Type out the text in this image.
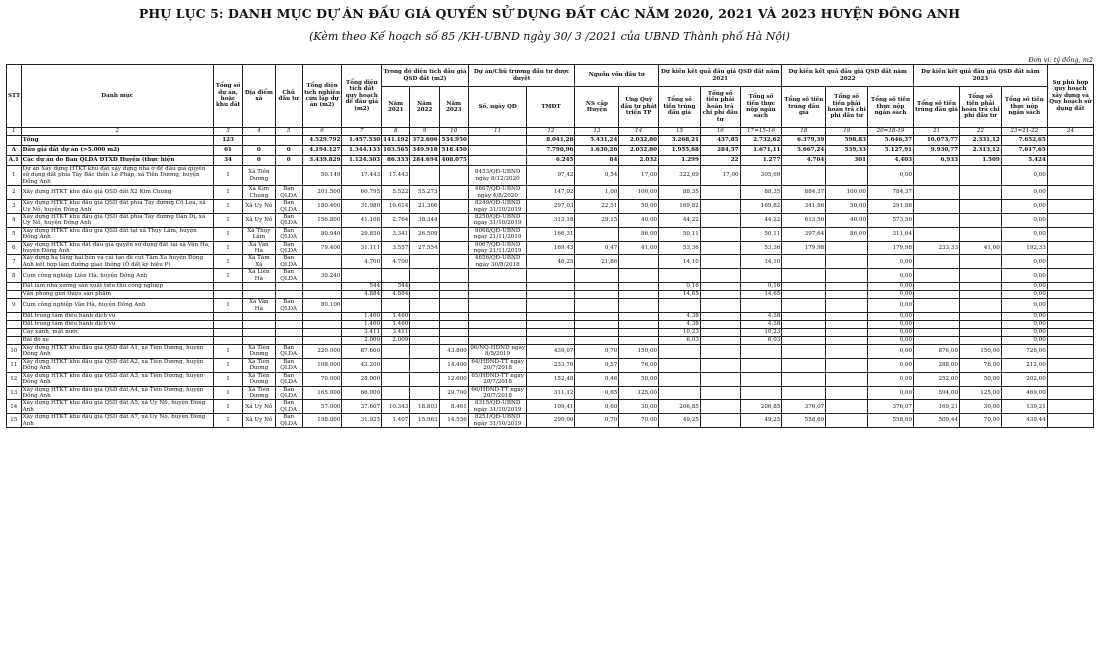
PHỤ LỤC 5: DANH MỤC DỰ ÁN ĐẤU GIÁ QUYỀN SỬ DỤNG ĐẤT CÁC NĂM 2020, 2021 VÀ 2023 HUYỆN ĐÔNG ANH
(Kèm theo Kế hoạch số 85 /KH-UBND ngày 30/ 3 /2021 của UBND Thành phố Hà Nội)
Đơn vị: tỷ đồng, m2
STT	Danh mục	Tổng số dự án, hoặc khu đất	Địa điểm xã	Chủ đầu tư	Tổng diện tích nghiên cứu lập dự án (m2)	Tổng diện tích đất quy hoạch để đấu giá (m2)	Trong đó diện tích đấu giá QSD đất (m2)			Dự án/Chủ trương đầu tư được duyệt		Nguồn vốn đầu tư		Dự kiến kết quả đấu giá QSD đất năm 2021			Dự kiến kết quả đấu giá QSD đất năm 2022			Dự kiến kết quả đấu giá QSD đất năm 2023			Sự phù hợp quy hoạch xây dựng và Quy hoạch sử dụng đất
							Năm 2021	Năm 2022	Năm 2023	Số, ngày QĐ	TMĐT	NS cấp Huyện	Ứng Quỹ đầu tư phát triển TP	Tổng số tiền trúng đấu giá	Tổng số tiền phải hoàn trả chi phí đầu tư	Tổng số tiền thực nộp ngân sách	Tổng số tiền trúng đấu giá	Tổng số tiền phải hoàn trả chi phí đầu tư	Tổng số tiền thực nộp ngân sách	Tổng số tiền trúng đấu giá	Tổng số tiền phải hoàn trả chi phí đầu tư	Tổng số tiền thực nộp ngân sách	
1	2	3	4	5	6	7	8	9	10	11	12	13	14	15	16	17=15-16	18	19	20=18-19	21	22	23=21-22	24
	Tổng	123			4.529.792	1.457.530	141.192	372.606	534.950		8.041,28	5.431,24	2.032,80	3.268,21	437,85	2.732,62	6.379,39	598,83	5.646,37	10.073,77	2.331,12	7.652,65	
A	Đấu giá đất dự án (>5.000 m2)	61	0	0	4.194.127	1.344.133	103.565	349.918	518.450		7.790,96	1.630,26	2.032,80	1.955,68	284,57	1.671,11	5.667,24	539,33	5.127,91	9.930,77	2.313,12	7.617,65	
A.1	Các dự án do Ban QLDA ĐTXD Huyện (thực hiện	34	0	0	3.439.829	1.124.303	86.333	284.694	408.075		6.245	84	2.032	1.299	22	1.277	4.704	301	4.403	6.933	1.509	5.424	
1	Dự án Xây dựng HTKT khu đất xây dựng nhà ở để đấu giá quyền sử dụng đất phía Tây Bắc thôn Lễ Pháp, xã Tiên Dương, huyện Đông Anh	1	Xã Tiên Dương		50.149	17.443	17.443			8453/QĐ-UBND ngày 8/12/2020	97,42	0,54	17,00	322,69	17,00	305,69			0,00			0,00	
2	Xây dựng HTKT khu đấu giá QSD đất X2 Kim Chung	1	Xã Kim Chung	Ban QLDA	201.500	60.795	5.522	55.273		4667/QĐ-UBND ngày 4/8/2020	147,02	1,00	100,00	88,35		88,35	884,37	100,00	784,37			0,00	
3	Xây dựng HTKT khu đấu giá QSD đất phía Tây đường Cổ Loa, xã Uy Nỗ, huyện Đông Anh	1	Xã Uy Nỗ	Ban QLDA	180.400	31.980	10.614	21.366		8249/QĐ-UBND ngày 31/10/2019	297,03	22,51	50,00	169,82		169,82	341,86	50,00	291,86			0,00	
4	Xây dựng HTKT khu đấu giá QSD đất phía Tây đường Đản Dị, xã Uy Nỗ, huyện Đông Anh	1	Xã Uy Nỗ	Ban QLDA	156.800	41.108	2.764	38.344		8250/QĐ-UBND ngày 31/10/2019	313,18	29,15	40,00	44,22		44,22	613,50	40,00	573,50			0,00	
5	Xây dựng HTKT khu đấu giá QSD đất tại xã Thụy Lâm, huyện Đông Anh	1	Xã Thụy Lâm	Ban QLDA	80.940	29.850	3.341	26.509		9068/QĐ-UBND ngày 21/11/2019	166,31		86,00	50,11		50,11	397,64	86,00	311,64			0,00	
6	Xây dựng HTKT khu đất đấu giá quyền sử dụng đất tại xã Vân Hà, huyện Đông Anh	1	Xã Vân Hà	Ban QLDA	79.400	31.111	3.557	27.554		9067/QĐ-UBND ngày 21/11/2019	169,43	0,47	41,00	53,36		53,36	179,98		179,98	233,33	41,00	192,33	
7	Xây dựng hạ tầng hai bên và cải tạo đê cụt Tầm Xá huyện Đông Anh kết hợp làm đường giao thông (Ô đất ký hiệu P)	1	Xã Tầm Xá	Ban QLDA		4.700	4.700			4656/QĐ-UBND ngày 30/8/2018	46,25	21,86		14,10		14,10			0,00			0,00	
8	Cụm công nghiệp Liên Hà, huyện Đông Anh	1	Xã Liên Hà	Ban QLDA	30.240														0,00			0,00	
	Đất làm nhà xưởng sản xuất tiểu thủ công nghiệp					544	544							0,16		0,16			0,00			0,00	
	Văn phòng giới thiệu sản phẩm					4.884	4.884							14,65		14,65			0,00			0,00	
9	Cụm công nghiệp Vân Hà, huyện Đông Anh	1	Xã Vân Hà	Ban QLDA	80.100														0,00			0,00	
	Đất trung tâm điều hành dịch vụ					1.460	1.460							4,38		4,38			0,00			0,00	
	Đất trung tâm điều hành dịch vụ					1.460	1.460							4,38		4,38			0,00			0,00	
	Cây xanh, mặt nước					3.411	3.411							10,23		10,23			0,00			0,00	
	Bãi đỗ xe					2.009	2.009							6,03		6,03			0,00			0,00	
10	Xây dựng HTKT khu đấu giá QSD đất A1, xã Tiên Dương, huyện Đông Anh	1	Xã Tiên Dương	Ban QLDA	220.000	87.600			43.800	06/NQ-HĐND ngày 8/5/2019	439,07	0,70	150,00						0,00	876,00	150,00	726,00	
11	Xây dựng HTKT khu đấu giá QSD đất A2, xã Tiên Dương, huyện Đông Anh	1	Xã Tiên Dương	Ban QLDA	108.000	43.200			14.400	64/HĐND-TT ngày 20/7/2018	233,76	0,57	76,00						0,00	288,00	76,00	212,00	
12	Xây dựng HTKT khu đấu giá QSD đất A3, xã Tiên Dương, huyện Đông Anh	1	Xã Tiên Dương	Ban QLDA	70.000	28.000			12.600	65/HĐND-TT ngày 20/7/2018	152,48	0,46	50,00						0,00	252,00	50,00	202,00	
13	Xây dựng HTKT khu đấu giá QSD đất A4, xã Tiên Dương, huyện Đông Anh	1	Xã Tiên Dương	Ban QLDA	165.000	66.000			29.700	66/HĐND-TT ngày 20/7/2018	311,12	0,65	125,00						0,00	594,00	125,00	469,00	
14	Xây dựng HTKT khu đấu giá QSD đất A5, xã Uy Nỗ, huyện Đông Anh	1	Xã Uy Nỗ	Ban QLDA	57.000	37.607	10.343	18.803	8.461	8315/QĐ-UBND ngày 31/10/2019	109,41	0,60	30,00	206,85		206,85	376,07		376,07	169,21	30,00	139,21	
15	Xây dựng HTKT khu đấu giá QSD đất A7, xã Uy Nỗ, huyện Đông Anh	1	Xã Uy Nỗ	Ban QLDA	198.000	31.925	1.407	15.963	14.556	8251/QĐ-UBND ngày 31/10/2019	299,00	0,70	70,00	49,25		49,25	558,69		558,69	509,44	70,00	439,44	
